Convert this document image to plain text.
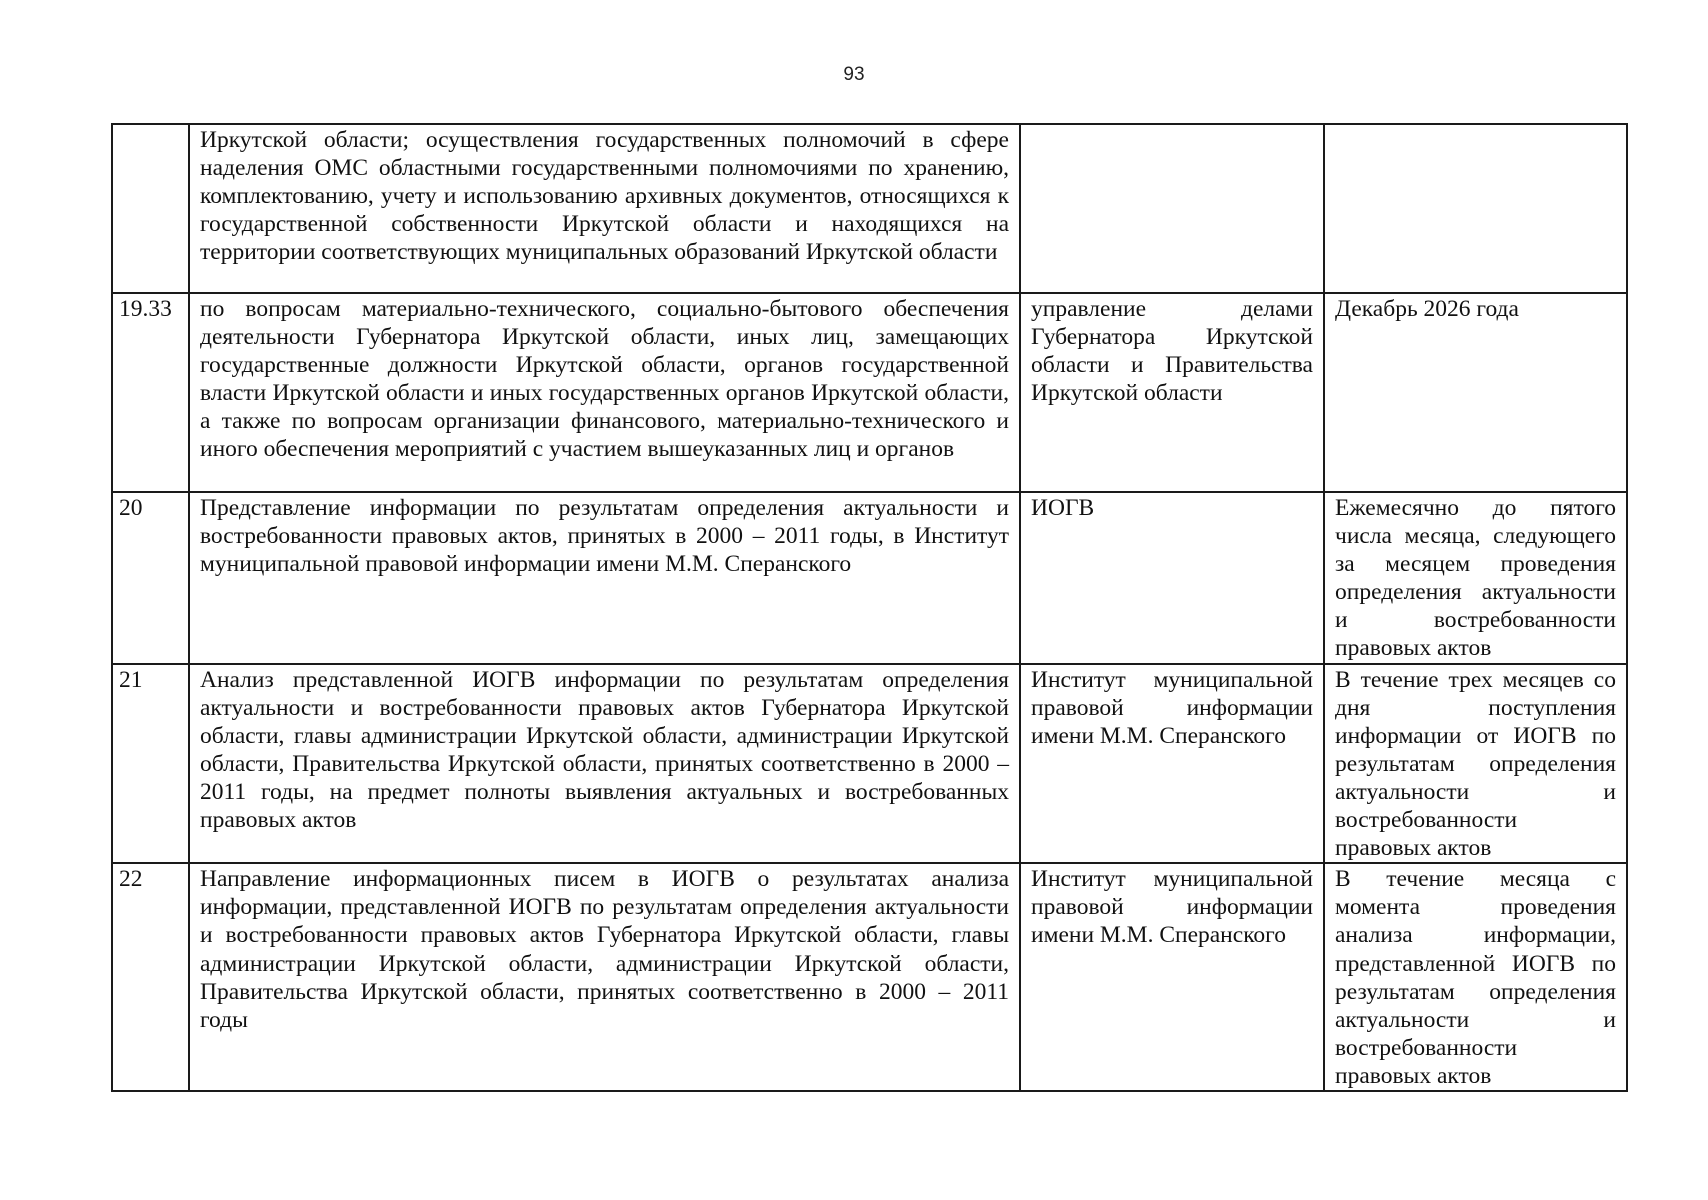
93
	Иркутской области; осуществления государственных полномочий в сфере наделения ОМС областными государственными полномочиями по хранению, комплектованию, учету и использованию архивных документов, относящихся к государственной собственности Иркутской области и находящихся на территории соответствующих муниципальных образований Иркутской области		
19.33	по вопросам материально-технического, социально-бытового обеспечения деятельности Губернатора Иркутской области, иных лиц, замещающих государственные должности Иркутской области, органов государственной власти Иркутской области и иных государственных органов Иркутской области, а также по вопросам организации финансового, материально-технического и иного обеспечения мероприятий с участием вышеуказанных лиц и органов	управление делами Губернатора Иркутской области и Правительства Иркутской области	Декабрь 2026 года
20	Представление информации по результатам определения актуальности и востребованности правовых актов, принятых в 2000 – 2011 годы, в Институт муниципальной правовой информации имени М.М. Сперанского	ИОГВ	Ежемесячно до пятого числа месяца, следующего за месяцем проведения определения актуальности и востребованности правовых актов
21	Анализ представленной ИОГВ информации по результатам определения актуальности и востребованности правовых актов Губернатора Иркутской области, главы администрации Иркутской области, администрации Иркутской области, Правительства Иркутской области, принятых соответственно в 2000 – 2011 годы, на предмет полноты выявления актуальных и востребованных правовых актов	Институт муниципальной правовой информации имени М.М. Сперанского	В течение трех месяцев со дня поступления информации от ИОГВ по результатам определения актуальности и востребованности правовых актов
22	Направление информационных писем в ИОГВ о результатах анализа информации, представленной ИОГВ по результатам определения актуальности и востребованности правовых актов Губернатора Иркутской области, главы администрации Иркутской области, администрации Иркутской области, Правительства Иркутской области, принятых соответственно в 2000 – 2011 годы	Институт муниципальной правовой информации имени М.М. Сперанского	В течение месяца с момента проведения анализа информации, представленной ИОГВ по результатам определения актуальности и востребованности правовых актов
